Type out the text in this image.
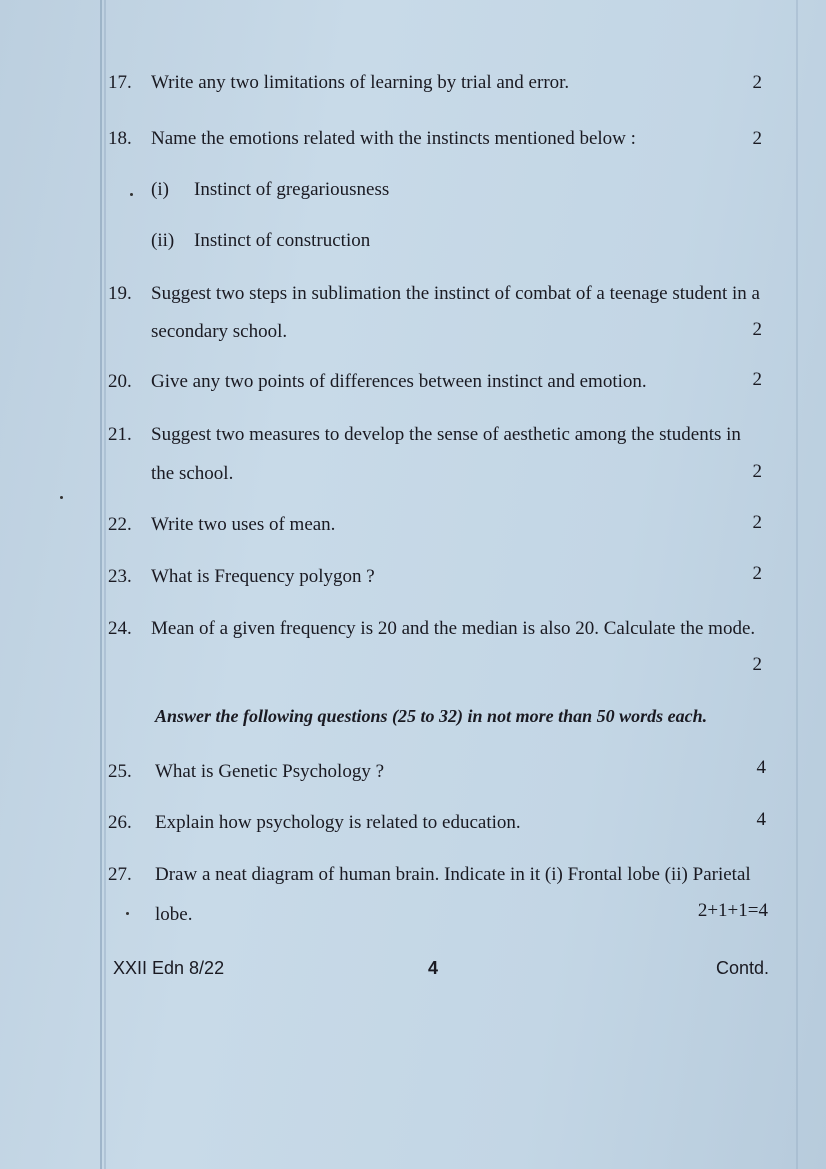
17. Write any two limitations of learning by trial and error.	2
18. Name the emotions related with the instincts mentioned below :	2
(i) Instinct of gregariousness
(ii) Instinct of construction
19. Suggest two steps in sublimation the instinct of combat of a teenage student in a
secondary school.	2
20. Give any two points of differences between instinct and emotion.	2
21. Suggest two measures to develop the sense of aesthetic among the students in
the school.	2
22. Write two uses of mean.	2
23. What is Frequency polygon ?	2
24. Mean of a given frequency is 20 and the median is also 20. Calculate the mode.
2
Answer the following questions (25 to 32) in not more than 50 words each.
25. What is Genetic Psychology ?	4
26. Explain how psychology is related to education.	4
27. Draw a neat diagram of human brain. Indicate in it (i) Frontal lobe (ii) Parietal
lobe.	2+1+1=4
XXII Edn 8/22	4	Contd.
